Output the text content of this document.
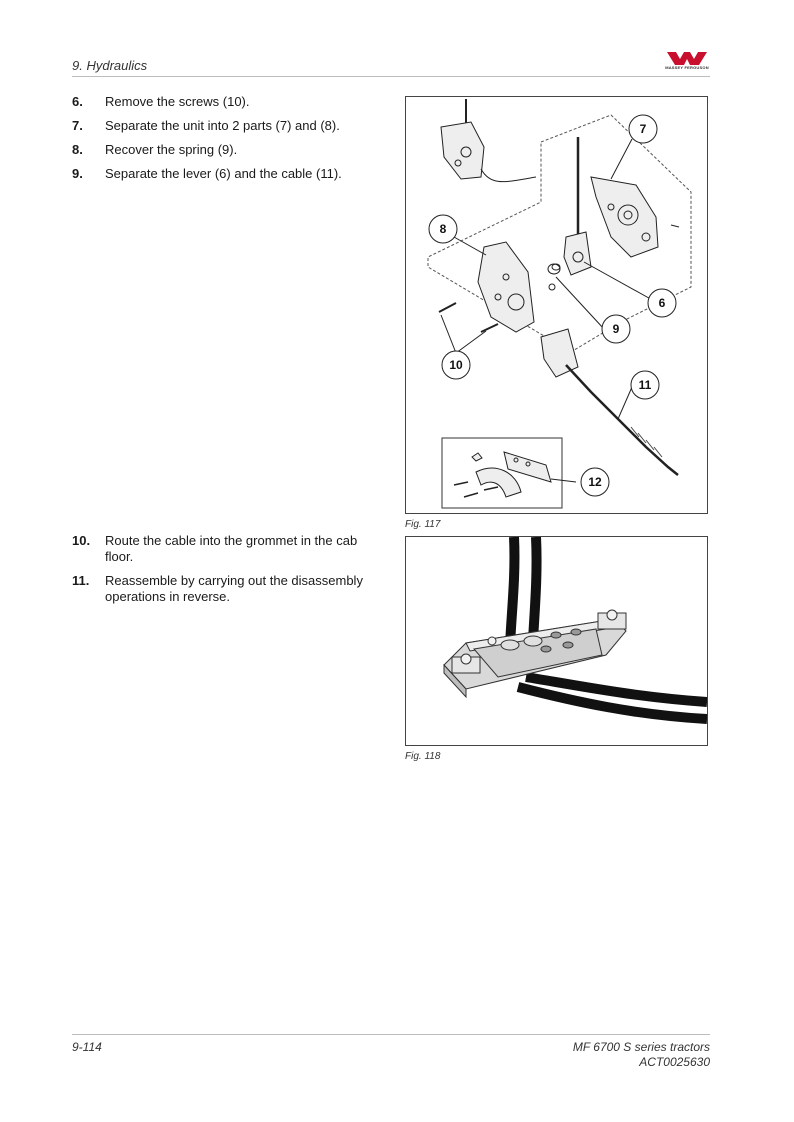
9. Hydraulics	MASSEY FERGUSON
6.	Remove the screws (10).
7.	Separate the unit into 2 parts (7) and (8).
8.	Recover the spring (9).
9.	Separate the lever (6) and the cable (11).
7
8
6
9
10
11
12
Fig. 117
10.	Route the cable into the grommet in the cab floor.
11.	Reassemble by carrying out the disassembly operations in reverse.
Fig. 118
9-114	MF 6700 S series tractors
ACT0025630
